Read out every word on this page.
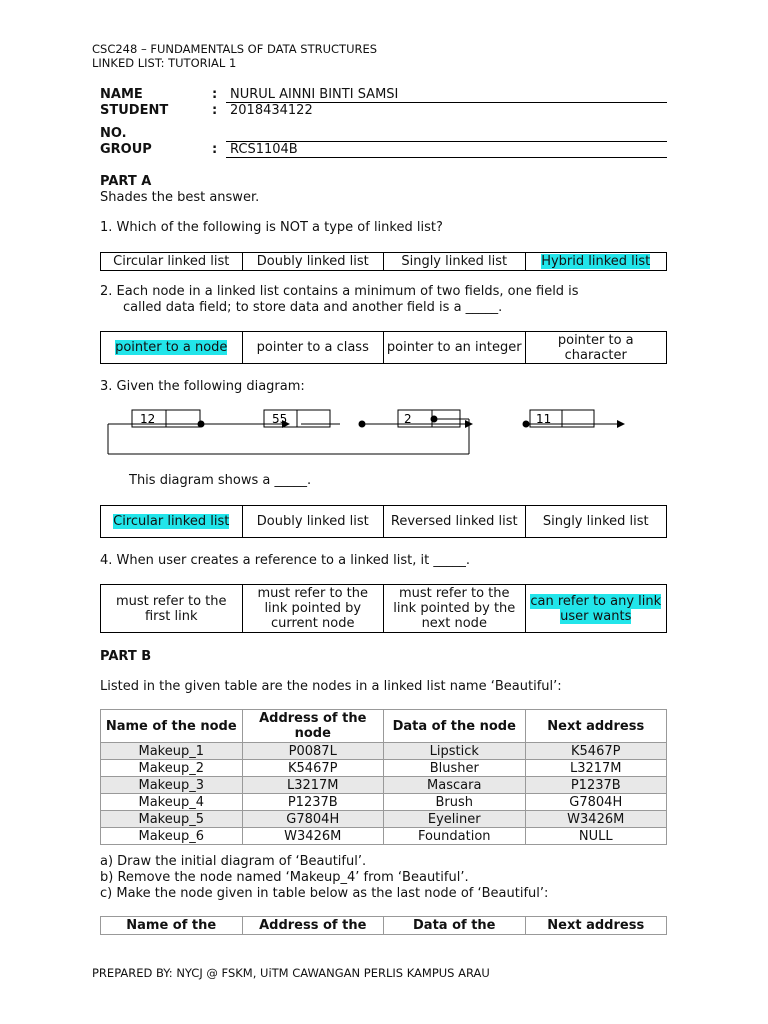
CSC248 – FUNDAMENTALS OF DATA STRUCTURES
LINKED LIST: TUTORIAL 1
NAME	: NURUL AINNI BINTI SAMSI
STUDENT	: 2018434122
NO.
GROUP	: RCS1104B
PART A
Shades the best answer.
1. Which of the following is NOT a type of linked list?
Circular linked list	Doubly linked list	Singly linked list	Hybrid linked list
2. Each node in a linked list contains a minimum of two fields, one field is
called data field; to store data and another field is a _____.
pointer to a node	pointer to a class	pointer to an integer	pointer to a character
3. Given the following diagram:
12	55	2	11
This diagram shows a _____.
Circular linked list	Doubly linked list	Reversed linked list	Singly linked list
4. When user creates a reference to a linked list, it _____.
must refer to the first link	must refer to the link pointed by current node	must refer to the link pointed by the next node	can refer to any link user wants
PART B
Listed in the given table are the nodes in a linked list name ‘Beautiful’:
Name of the node	Address of the node	Data of the node	Next address
Makeup_1	P0087L	Lipstick	K5467P
Makeup_2	K5467P	Blusher	L3217M
Makeup_3	L3217M	Mascara	P1237B
Makeup_4	P1237B	Brush	G7804H
Makeup_5	G7804H	Eyeliner	W3426M
Makeup_6	W3426M	Foundation	NULL
a) Draw the initial diagram of ‘Beautiful’.
b) Remove the node named ‘Makeup_4’ from ‘Beautiful’.
c) Make the node given in table below as the last node of ‘Beautiful’:
Name of the	Address of the	Data of the	Next address
PREPARED BY: NYCJ @ FSKM, UiTM CAWANGAN PERLIS KAMPUS ARAU
